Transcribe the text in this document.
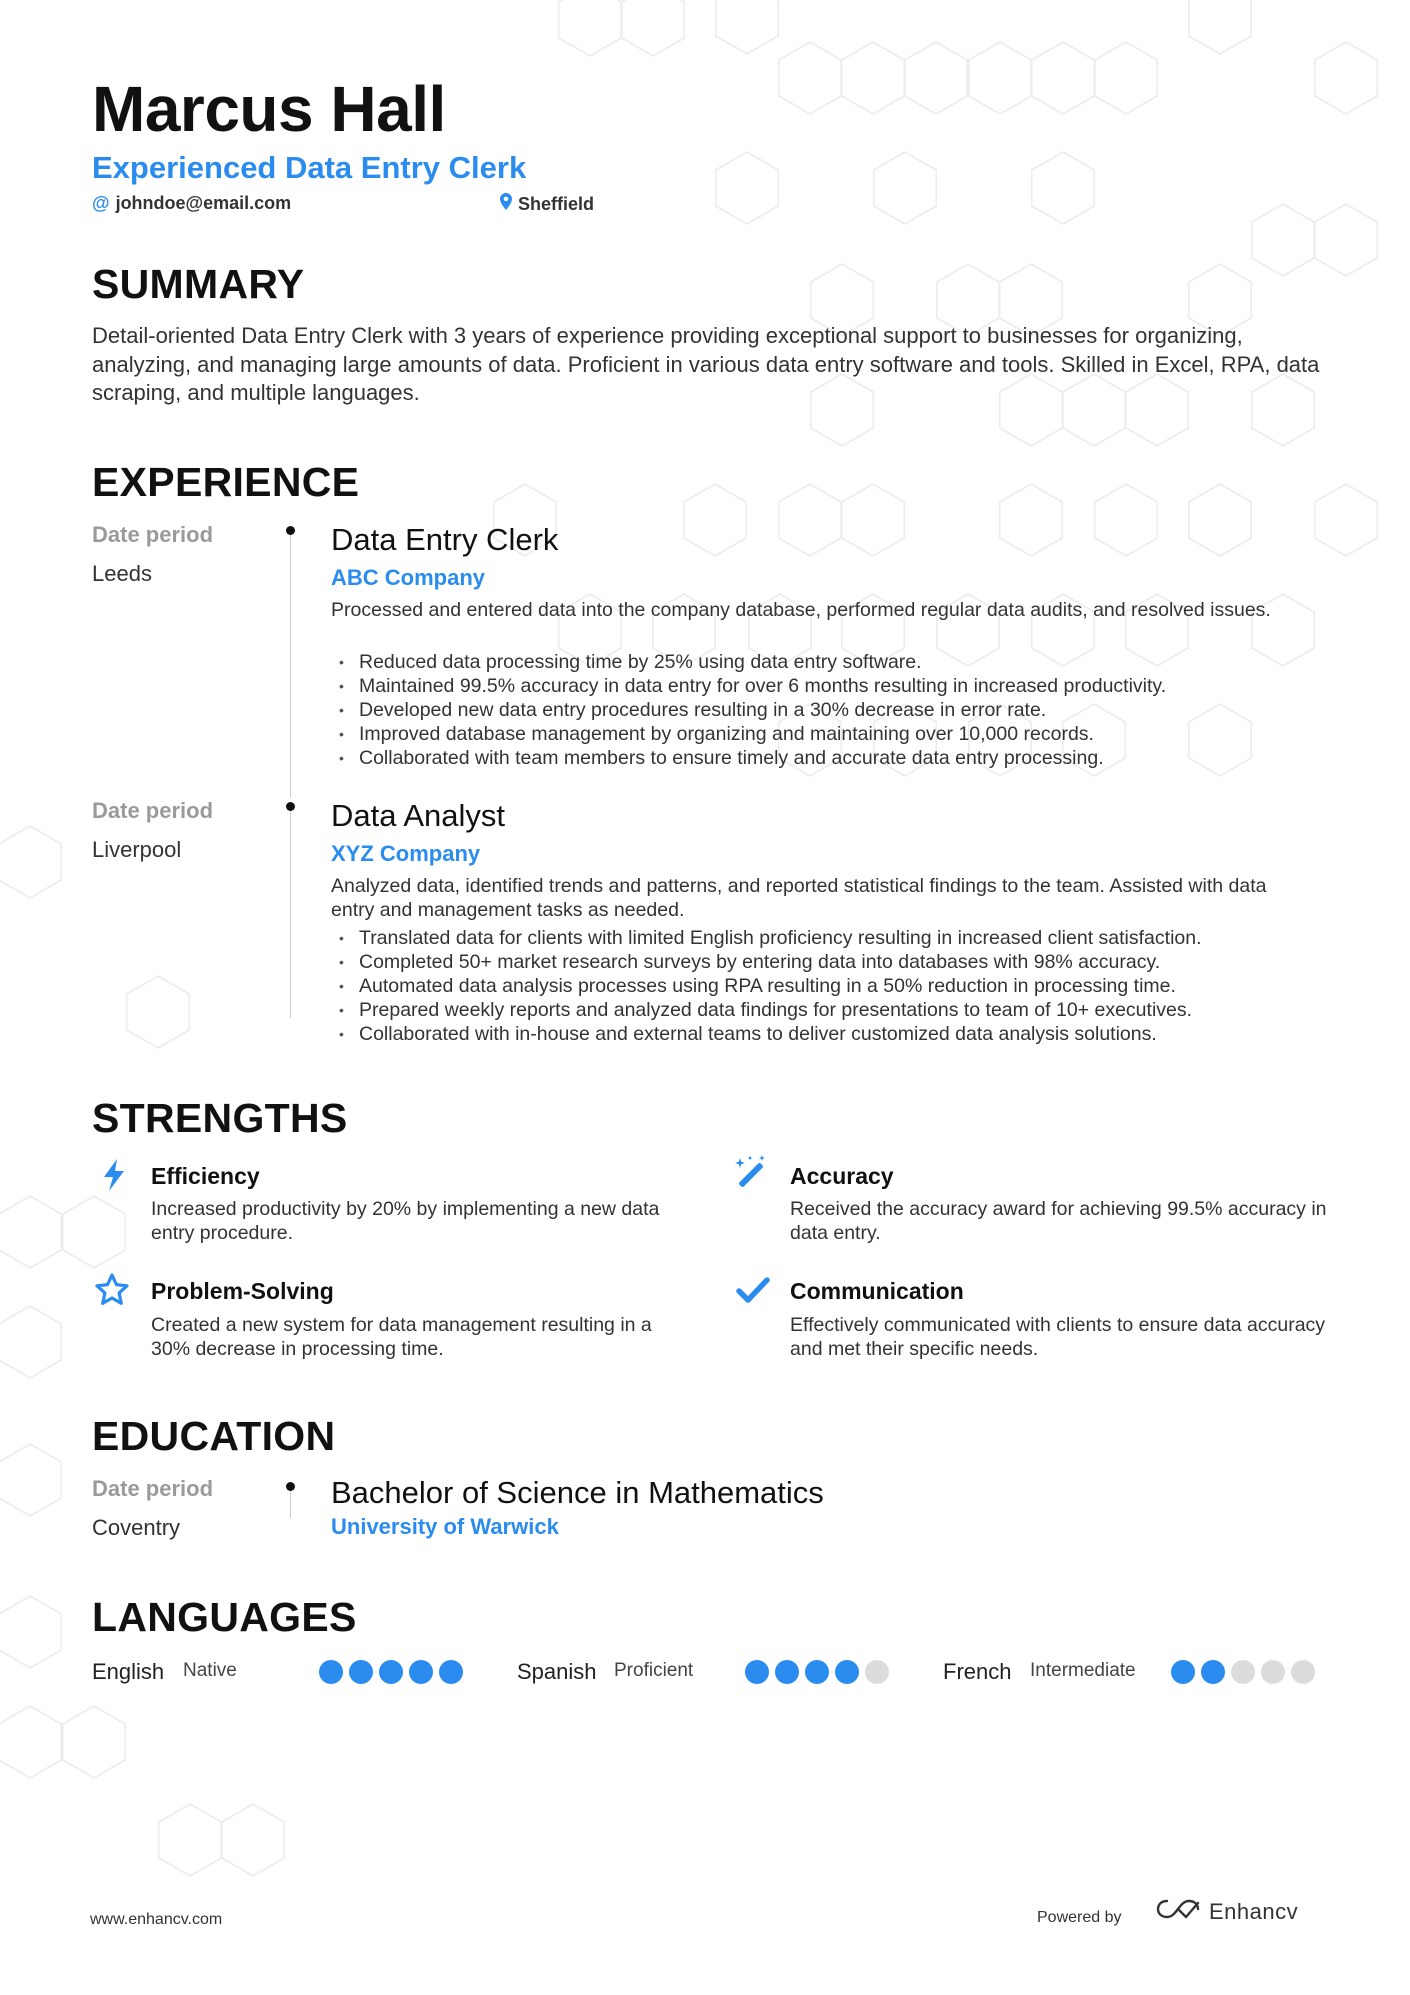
Marcus Hall
Experienced Data Entry Clerk
@ johndoe@email.com	Sheffield
SUMMARY
Detail-oriented Data Entry Clerk with 3 years of experience providing exceptional support to businesses for organizing, analyzing, and managing large amounts of data. Proficient in various data entry software and tools. Skilled in Excel, RPA, data scraping, and multiple languages.
EXPERIENCE
Date period
Leeds
Data Entry Clerk
ABC Company
Processed and entered data into the company database, performed regular data audits, and resolved issues.
• Reduced data processing time by 25% using data entry software.
• Maintained 99.5% accuracy in data entry for over 6 months resulting in increased productivity.
• Developed new data entry procedures resulting in a 30% decrease in error rate.
• Improved database management by organizing and maintaining over 10,000 records.
• Collaborated with team members to ensure timely and accurate data entry processing.
Date period
Liverpool
Data Analyst
XYZ Company
Analyzed data, identified trends and patterns, and reported statistical findings to the team. Assisted with data entry and management tasks as needed.
• Translated data for clients with limited English proficiency resulting in increased client satisfaction.
• Completed 50+ market research surveys by entering data into databases with 98% accuracy.
• Automated data analysis processes using RPA resulting in a 50% reduction in processing time.
• Prepared weekly reports and analyzed data findings for presentations to team of 10+ executives.
• Collaborated with in-house and external teams to deliver customized data analysis solutions.
STRENGTHS
Efficiency
Increased productivity by 20% by implementing a new data entry procedure.
Accuracy
Received the accuracy award for achieving 99.5% accuracy in data entry.
Problem-Solving
Created a new system for data management resulting in a 30% decrease in processing time.
Communication
Effectively communicated with clients to ensure data accuracy and met their specific needs.
EDUCATION
Date period
Coventry
Bachelor of Science in Mathematics
University of Warwick
LANGUAGES
English Native	Spanish Proficient	French Intermediate
www.enhancv.com	Powered by	Enhancv
